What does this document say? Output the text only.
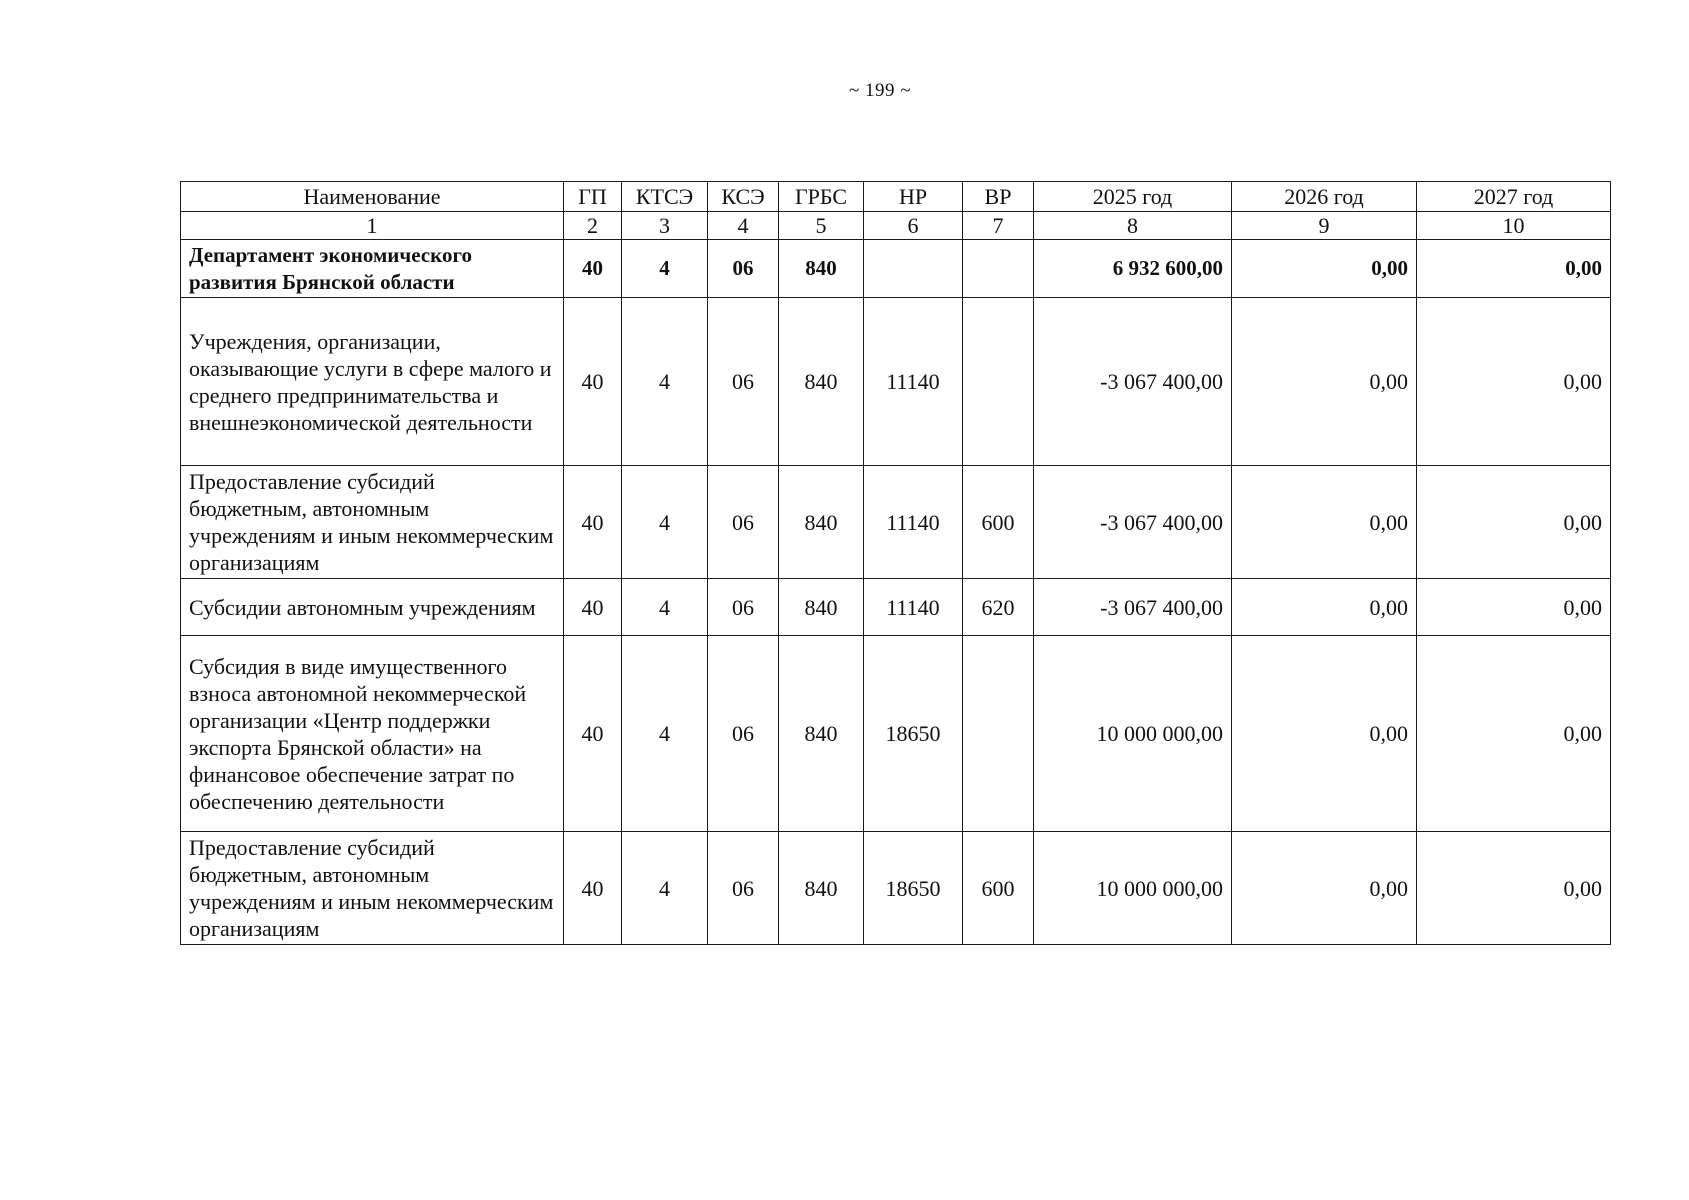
~ 199 ~
Наименование	ГП	КТСЭ	КСЭ	ГРБС	НР	ВР	2025 год	2026 год	2027 год
1	2	3	4	5	6	7	8	9	10
Департамент экономического развития Брянской области	40	4	06	840			6 932 600,00	0,00	0,00
Учреждения, организации, оказывающие услуги в сфере малого и среднего предпринимательства и внешнеэкономической деятельности	40	4	06	840	11140		-3 067 400,00	0,00	0,00
Предоставление субсидий бюджетным, автономным учреждениям и иным некоммерческим организациям	40	4	06	840	11140	600	-3 067 400,00	0,00	0,00
Субсидии автономным учреждениям	40	4	06	840	11140	620	-3 067 400,00	0,00	0,00
Субсидия в виде имущественного взноса автономной некоммерческой организации «Центр поддержки экспорта Брянской области» на финансовое обеспечение затрат по обеспечению деятельности	40	4	06	840	18650		10 000 000,00	0,00	0,00
Предоставление субсидий бюджетным, автономным учреждениям и иным некоммерческим организациям	40	4	06	840	18650	600	10 000 000,00	0,00	0,00
